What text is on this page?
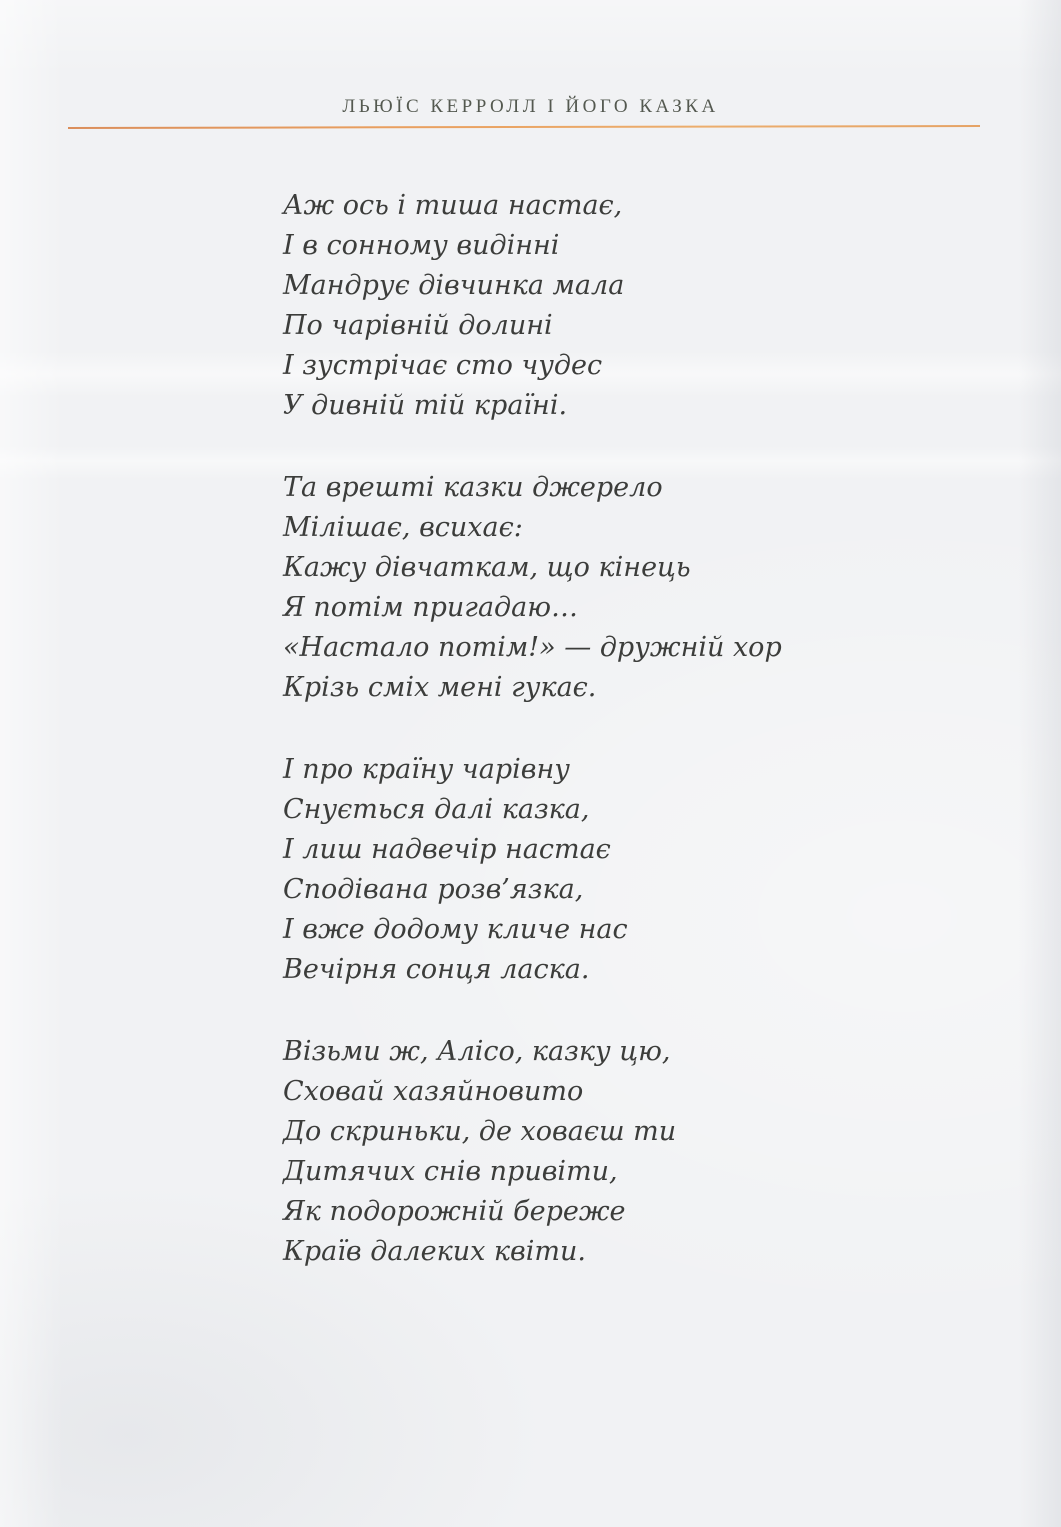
ЛЬЮЇС КЕРРОЛЛ І ЙОГО КАЗКА

Аж ось і тиша настає,

І в сонному видінні

Мандрує дівчинка мала

По чарівній долині

І зустрічає сто чудес

У дивній тій країні.

Та врешті казки джерело

Мілішає, всихає:

Кажу дівчаткам, що кінець

Я потім пригадаю…

«Настало потім!» — дружній хор

Крізь сміх мені гукає.

І про країну чарівну

Снується далі казка,

І лиш надвечір настає

Сподівана розв’язка,

І вже додому кличе нас

Вечірня сонця ласка.

Візьми ж, Алісо, казку цю,

Сховай хазяйновито

До скриньки, де ховаєш ти

Дитячих снів привіти,

Як подорожній береже

Країв далеких квіти.
